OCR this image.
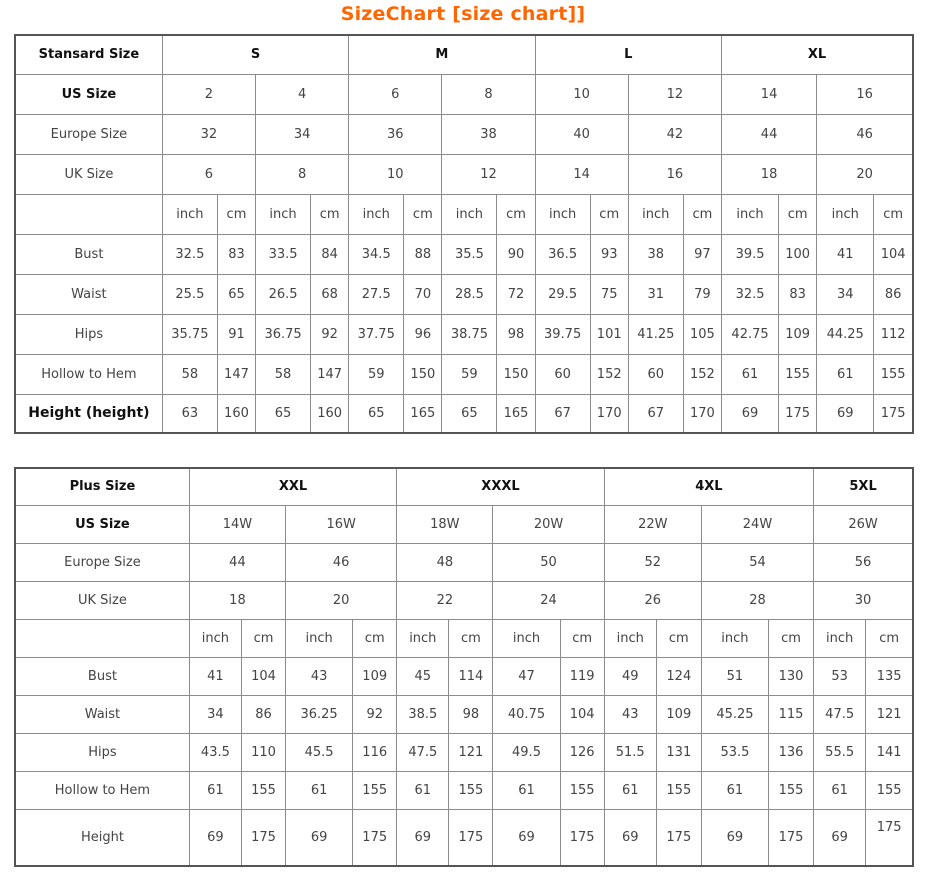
SizeChart [size chart]]
Stansard Size	S				M				L				XL			
US Size	2		4		6		8		10		12		14		16	
Europe Size	32		34		36		38		40		42		44		46	
UK Size	6		8		10		12		14		16		18		20	
	inch	cm	inch	cm	inch	cm	inch	cm	inch	cm	inch	cm	inch	cm	inch	cm
Bust	32.5	83	33.5	84	34.5	88	35.5	90	36.5	93	38	97	39.5	100	41	104
Waist	25.5	65	26.5	68	27.5	70	28.5	72	29.5	75	31	79	32.5	83	34	86
Hips	35.75	91	36.75	92	37.75	96	38.75	98	39.75	101	41.25	105	42.75	109	44.25	112
Hollow to Hem	58	147	58	147	59	150	59	150	60	152	60	152	61	155	61	155
Height (height)	63	160	65	160	65	165	65	165	67	170	67	170	69	175	69	175
Plus Size	XXL				XXXL				4XL				5XL	
US Size	14W		16W		18W		20W		22W		24W		26W	
Europe Size	44		46		48		50		52		54		56	
UK Size	18		20		22		24		26		28		30	
	inch	cm	inch	cm	inch	cm	inch	cm	inch	cm	inch	cm	inch	cm
Bust	41	104	43	109	45	114	47	119	49	124	51	130	53	135
Waist	34	86	36.25	92	38.5	98	40.75	104	43	109	45.25	115	47.5	121
Hips	43.5	110	45.5	116	47.5	121	49.5	126	51.5	131	53.5	136	55.5	141
Hollow to Hem	61	155	61	155	61	155	61	155	61	155	61	155	61	155
Height	69	175	69	175	69	175	69	175	69	175	69	175	69	175
